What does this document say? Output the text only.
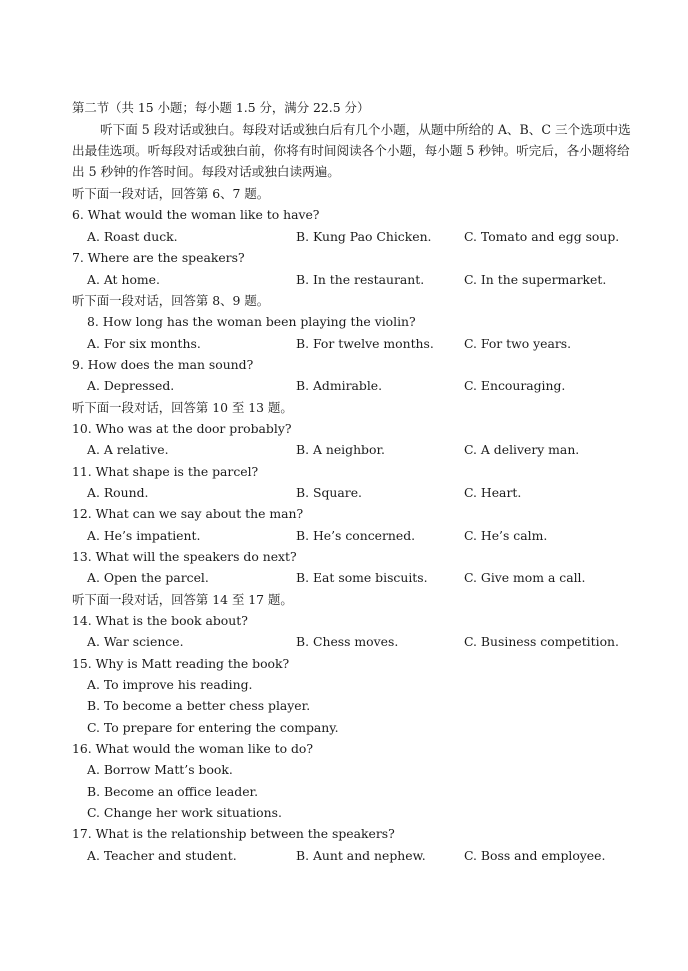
第二节（共 15 小题；每小题 1.5 分，满分 22.5 分）
听下面 5 段对话或独白。每段对话或独白后有几个小题，从题中所给的 A、B、C 三个选项中选出最佳选项。听每段对话或独白前，你将有时间阅读各个小题，每小题 5 秒钟。听完后，各小题将给出 5 秒钟的作答时间。每段对话或独白读两遍。
听下面一段对话，回答第 6、7 题。
6. What would the woman like to have?
A. Roast duck.	B. Kung Pao Chicken.	C. Tomato and egg soup.
7. Where are the speakers?
A. At home.	B. In the restaurant.	C. In the supermarket.
听下面一段对话，回答第 8、9 题。
8. How long has the woman been playing the violin?
A. For six months.	B. For twelve months. C. For two years.
9. How does the man sound?
A. Depressed.	B. Admirable.	C. Encouraging.
听下面一段对话，回答第 10 至 13 题。
10. Who was at the door probably?
A. A relative.	B. A neighbor.	C. A delivery man.
11. What shape is the parcel?
A. Round.	B. Square.	C. Heart.
12. What can we say about the man?
A. He’s impatient.	B. He’s concerned.	C. He’s calm.
13. What will the speakers do next?
A. Open the parcel.	B. Eat some biscuits.	C. Give mom a call.
听下面一段对话，回答第 14 至 17 题。
14. What is the book about?
A. War science.	B. Chess moves.	C. Business competition.
15. Why is Matt reading the book?
A. To improve his reading.
B. To become a better chess player.
C. To prepare for entering the company.
16. What would the woman like to do?
A. Borrow Matt’s book.
B. Become an office leader.
C. Change her work situations.
17. What is the relationship between the speakers?
A. Teacher and student.	B. Aunt and nephew.	C. Boss and employee.
